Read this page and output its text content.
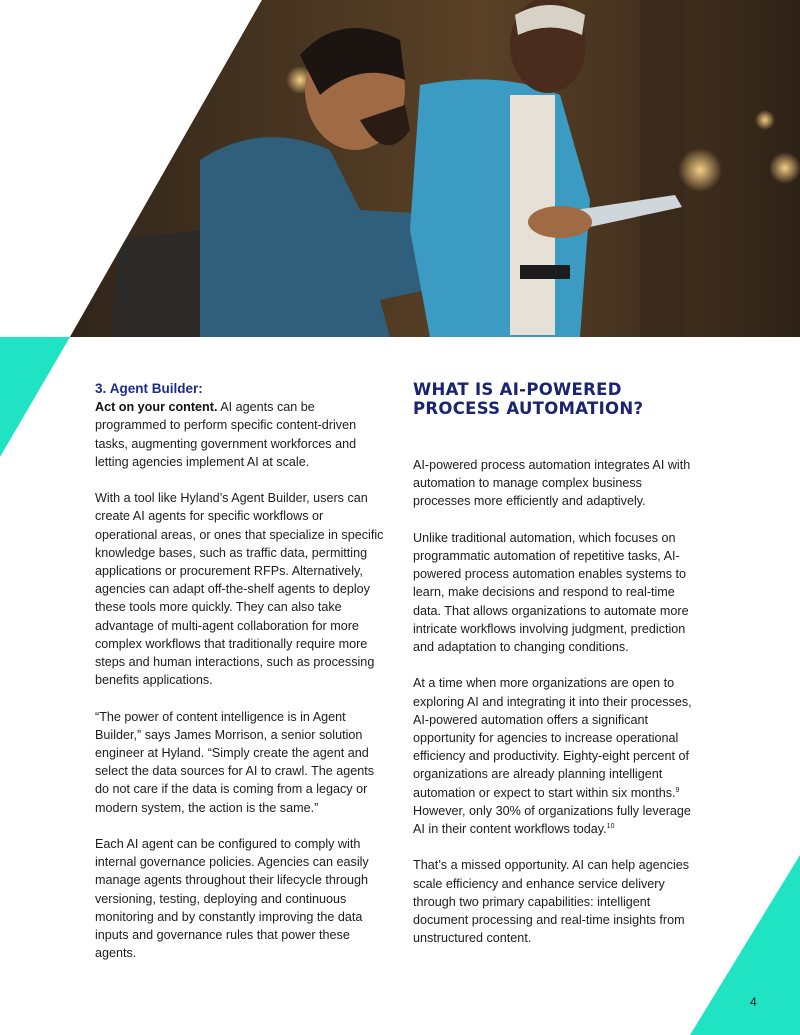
3. Agent Builder:

Act on your content. AI agents can be programmed to perform specific content-driven tasks, augmenting government workforces and letting agencies implement AI at scale.

With a tool like Hyland’s Agent Builder, users can create AI agents for specific workflows or operational areas, or ones that specialize in specific knowledge bases, such as traffic data, permitting applications or procurement RFPs. Alternatively, agencies can adapt off-the-shelf agents to deploy these tools more quickly. They can also take advantage of multi-agent collaboration for more complex workflows that traditionally require more steps and human interactions, such as processing benefits applications.

“The power of content intelligence is in Agent Builder,” says James Morrison, a senior solution engineer at Hyland. “Simply create the agent and select the data sources for AI to crawl. The agents do not care if the data is coming from a legacy or modern system, the action is the same.”

Each AI agent can be configured to comply with internal governance policies. Agencies can easily manage agents throughout their lifecycle through versioning, testing, deploying and continuous monitoring and by constantly improving the data inputs and governance rules that power these agents.

WHAT IS AI-POWERED
PROCESS AUTOMATION?

AI-powered process automation integrates AI with automation to manage complex business processes more efficiently and adaptively.

Unlike traditional automation, which focuses on programmatic automation of repetitive tasks, AI-powered process automation enables systems to learn, make decisions and respond to real-time data. That allows organizations to automate more intricate workflows involving judgment, prediction and adaptation to changing conditions.

At a time when more organizations are open to exploring AI and integrating it into their processes, AI-powered automation offers a significant opportunity for agencies to increase operational efficiency and productivity. Eighty-eight percent of organizations are already planning intelligent automation or expect to start within six months.$^9$ However, only 30% of organizations fully leverage AI in their content workflows today.$^{10}$

That’s a missed opportunity. AI can help agencies scale efficiency and enhance service delivery through two primary capabilities: intelligent document processing and real-time insights from unstructured content.

4
